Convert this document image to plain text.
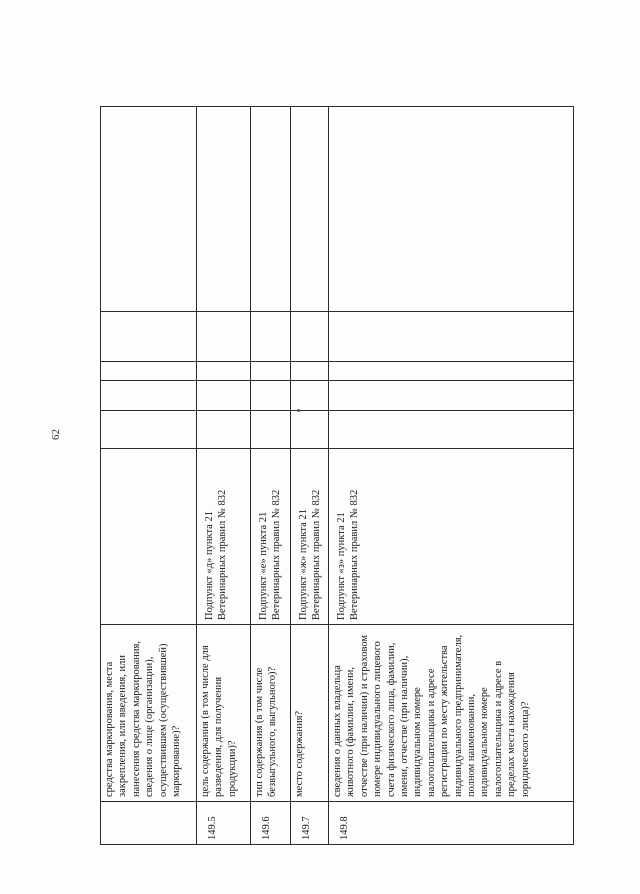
62
	средства маркирования, места закрепления, или введения, или нанесения средства маркирования, сведения о лице (организации), осуществившем (осуществившей) маркирование)?						
149.5	цель содержания (в том числе для разведения, для получения продукции)?	Подпункт «д» пункта 21 Ветеринарных правил № 832					
149.6	тип содержания (в том числе безвыгульного, выгульного)?	Подпункт «е» пункта 21 Ветеринарных правил № 832					
149.7	место содержания?	Подпункт «ж» пункта 21 Ветеринарных правил № 832					
149.8	сведения о данных владельца животного (фамилии, имени, отчестве (при наличии) и страховом номере индивидуального лицевого счета физического лица, фамилии, имени, отчестве (при наличии), индивидуальном номере налогоплательщика и адресе регистрации по месту жительства индивидуального предпринимателя, полном наименовании, индивидуальном номере налогоплательщика и адресе в пределах места нахождения юридического лица)?	Подпункт «з» пункта 21 Ветеринарных правил № 832					
